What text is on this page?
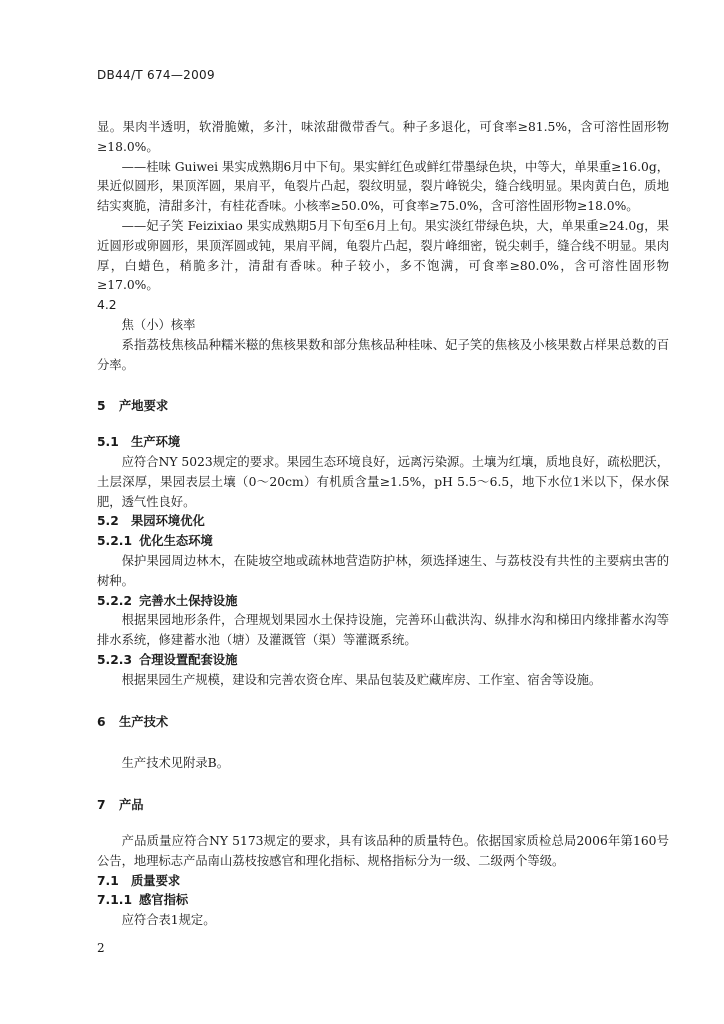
DB44/T 674—2009

显。果肉半透明，软滑脆嫩，多汁，味浓甜微带香气。种子多退化，可食率≥81.5%，含可溶性固形物≥18.0%。

——桂味 Guiwei 果实成熟期6月中下旬。果实鲜红色或鲜红带墨绿色块，中等大，单果重≥16.0g，果近似圆形，果顶浑圆，果肩平，龟裂片凸起，裂纹明显，裂片峰锐尖，缝合线明显。果肉黄白色，质地结实爽脆，清甜多汁，有桂花香味。小核率≥50.0%，可食率≥75.0%，含可溶性固形物≥18.0%。

——妃子笑 Feizixiao 果实成熟期5月下旬至6月上旬。果实淡红带绿色块，大，单果重≥24.0g，果近圆形或卵圆形，果顶浑圆或钝，果肩平阔，龟裂片凸起，裂片峰细密，锐尖刺手，缝合线不明显。果肉厚，白蜡色，稍脆多汁，清甜有香味。种子较小，多不饱满，可食率≥80.0%，含可溶性固形物≥17.0%。

4.2

焦（小）核率

系指荔枝焦核品种糯米糍的焦核果数和部分焦核品种桂味、妃子笑的焦核及小核果数占样果总数的百分率。

5 产地要求

5.1 生产环境

应符合NY 5023规定的要求。果园生态环境良好，远离污染源。土壤为红壤，质地良好，疏松肥沃，土层深厚，果园表层土壤（0～20cm）有机质含量≥1.5%，pH 5.5～6.5，地下水位1米以下，保水保肥，透气性良好。

5.2 果园环境优化

5.2.1 优化生态环境

保护果园周边林木，在陡坡空地或疏林地营造防护林，须选择速生、与荔枝没有共性的主要病虫害的树种。

5.2.2 完善水土保持设施

根据果园地形条件，合理规划果园水土保持设施，完善环山截洪沟、纵排水沟和梯田内缘排蓄水沟等排水系统，修建蓄水池（塘）及灌溉管（渠）等灌溉系统。

5.2.3 合理设置配套设施

根据果园生产规模，建设和完善农资仓库、果品包装及贮藏库房、工作室、宿舍等设施。

6 生产技术

生产技术见附录B。

7 产品

产品质量应符合NY 5173规定的要求，具有该品种的质量特色。依据国家质检总局2006年第160号公告，地理标志产品南山荔枝按感官和理化指标、规格指标分为一级、二级两个等级。

7.1 质量要求

7.1.1 感官指标

应符合表1规定。

2
